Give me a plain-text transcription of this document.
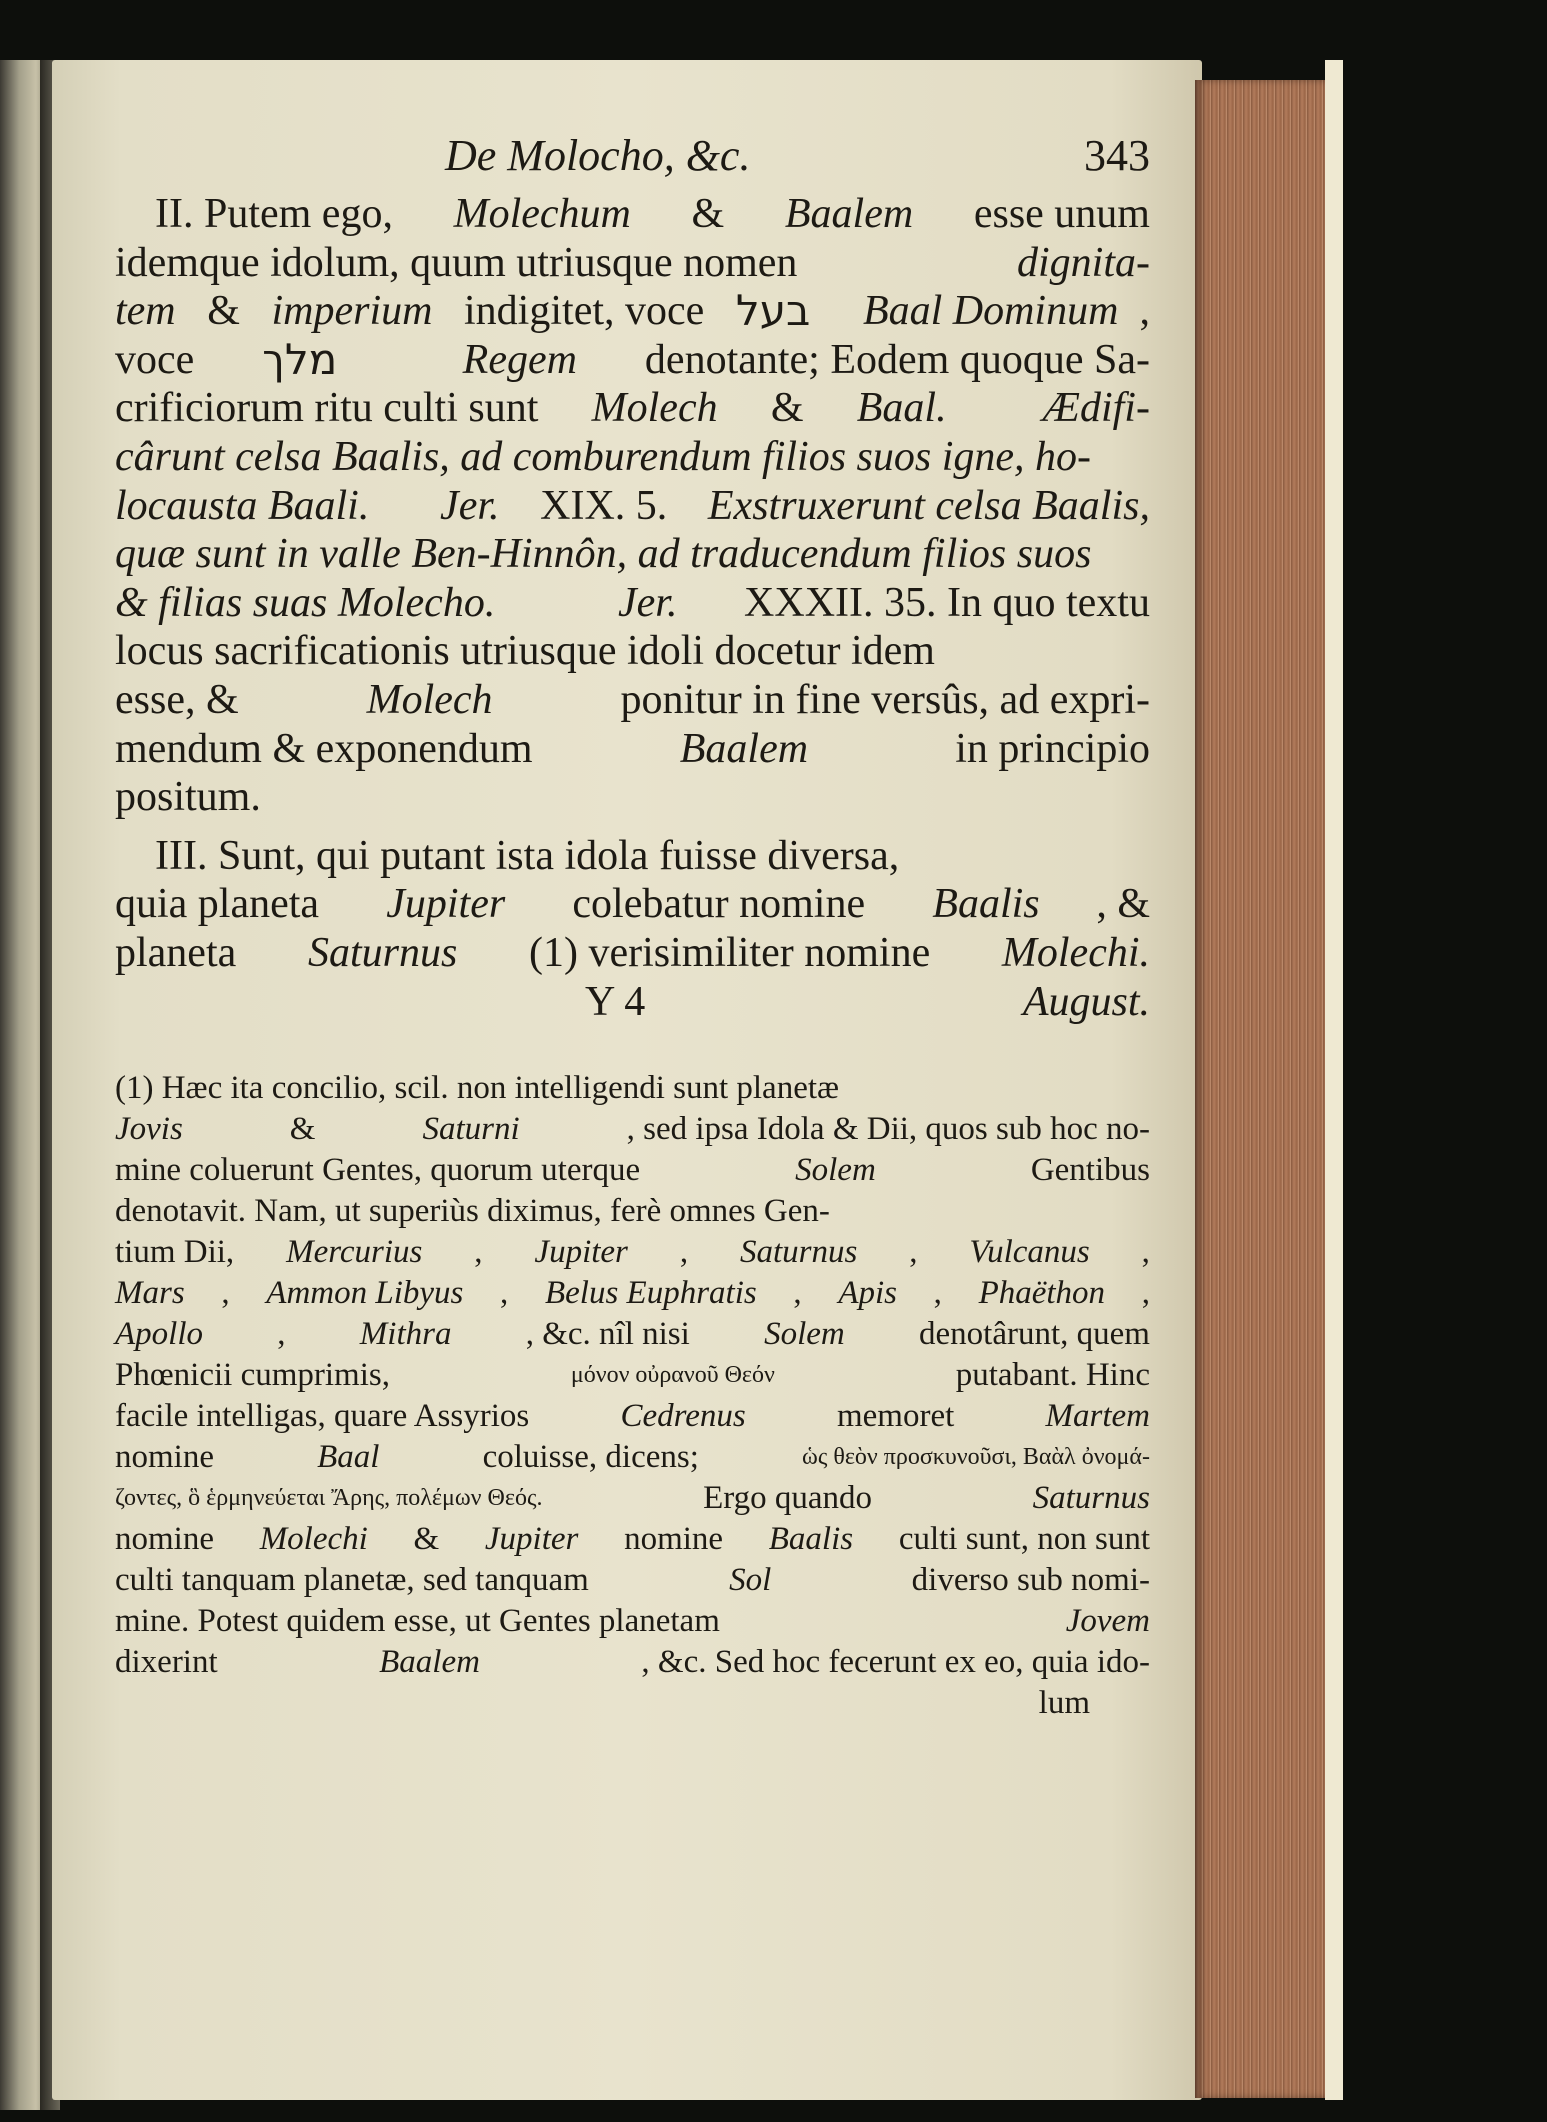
De Molocho, &c.	343
II. Putem ego, Molechum & Baalem esse unum
idemque idolum, quum utriusque nomen	dignita-
tem & imperium indigitet, voce בעל
Baal Dominum ,
voce מלך
	Regem denotante; Eodem quoque Sa-
crificiorum ritu culti sunt Molech & Baal.
Ædifi-
cârunt celsa Baalis, ad comburendum filios suos igne, ho-
locausta Baali.
Jer. XIX. 5. Exstruxerunt celsa Baalis,
quæ sunt in valle Ben-Hinnôn, ad traducendum filios suos
& filias suas Molecho.
	Jer. XXXII. 35. In quo textu
locus sacrificationis utriusque idoli docetur idem
esse, &	Molech	ponitur in fine versûs, ad expri-
mendum & exponendum	Baalem	in principio
positum.
III. Sunt, qui putant ista idola fuisse diversa,
quia planeta Jupiter colebatur nomine Baalis , &
planeta Saturnus (1) verisimiliter nomine Molechi.
Y 4	August.
(1) Hæc ita concilio, scil. non intelligendi sunt planetæ
Jovis	&	Saturni	, sed ipsa Idola & Dii, quos sub hoc no-
mine coluerunt Gentes, quorum uterque	Solem	Gentibus
denotavit. Nam, ut superiùs diximus, ferè omnes Gen-
tium Dii, Mercurius , Jupiter , Saturnus , Vulcanus ,
Mars , Ammon Libyus , Belus Euphratis , Apis , Phaëthon ,
Apollo , Mithra , &c. nîl nisi Solem denotârunt, quem
Phœnicii cumprimis,	μόνον οὐρανοῦ Θεόν	putabant. Hinc
facile intelligas, quare Assyrios	Cedrenus	memoret	Martem
nomine	Baal	coluisse, dicens;	ὡς θεὸν προσκυνοῦσι, Βαὰλ ὀνομά-
ζοντες, ὃ ἑρμηνεύεται Ἄρης, πολέμων Θεός.	Ergo quando	Saturnus
nomine Molechi & Jupiter nomine Baalis culti sunt, non sunt
culti tanquam planetæ, sed tanquam	Sol	diverso sub nomi-
mine. Potest quidem esse, ut Gentes planetam	Jovem
dixerint	Baalem	, &c. Sed hoc fecerunt ex eo, quia ido-
lum
